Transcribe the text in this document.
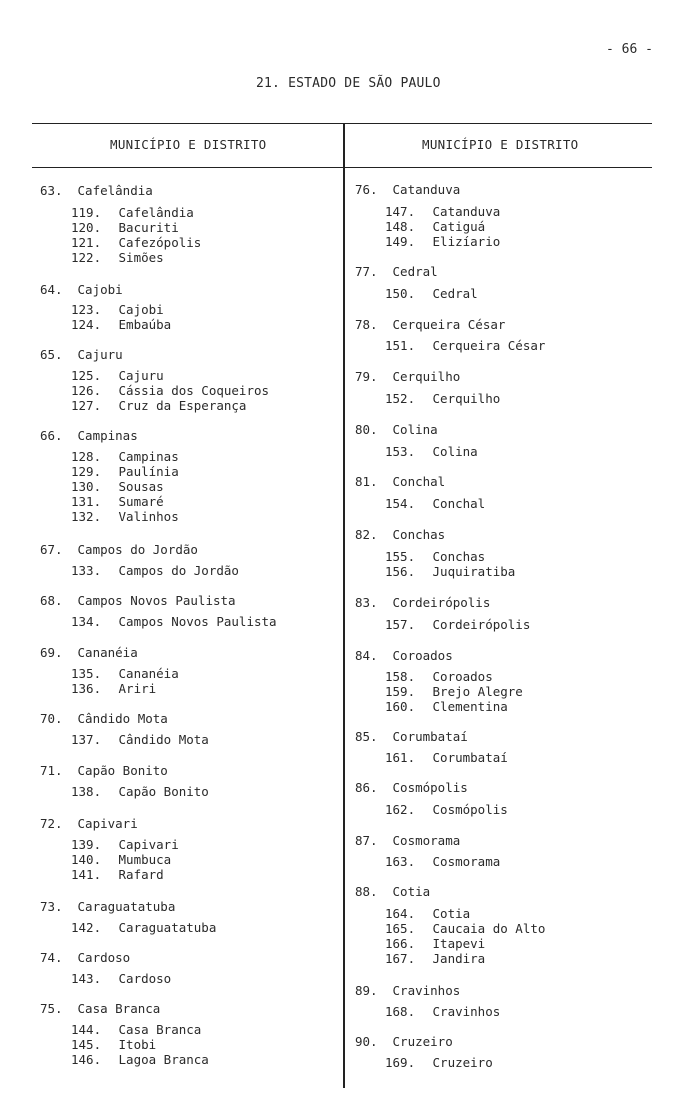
- 66 -
21. ESTADO DE SÃO PAULO
MUNICÍPIO E DISTRITO	MUNICÍPIO E DISTRITO
63. Cafelândia
119. Cafelândia
120. Bacuriti
121. Cafezópolis
122. Simões
64. Cajobi
123. Cajobi
124. Embaúba
65. Cajuru
125. Cajuru
126. Cássia dos Coqueiros
127. Cruz da Esperança
66. Campinas
128. Campinas
129. Paulínia
130. Sousas
131. Sumaré
132. Valinhos
67. Campos do Jordão
133. Campos do Jordão
68. Campos Novos Paulista
134. Campos Novos Paulista
69. Cananéia
135. Cananéia
136. Ariri
70. Cândido Mota
137. Cândido Mota
71. Capão Bonito
138. Capão Bonito
72. Capivari
139. Capivari
140. Mumbuca
141. Rafard
73. Caraguatatuba
142. Caraguatatuba
74. Cardoso
143. Cardoso
75. Casa Branca
144. Casa Branca
145. Itobi
146. Lagoa Branca
76. Catanduva
147. Catanduva
148. Catiguá
149. Elizíario
77. Cedral
150. Cedral
78. Cerqueira César
151. Cerqueira César
79. Cerquilho
152. Cerquilho
80. Colina
153. Colina
81. Conchal
154. Conchal
82. Conchas
155. Conchas
156. Juquiratiba
83. Cordeirópolis
157. Cordeirópolis
84. Coroados
158. Coroados
159. Brejo Alegre
160. Clementina
85. Corumbataí
161. Corumbataí
86. Cosmópolis
162. Cosmópolis
87. Cosmorama
163. Cosmorama
88. Cotia
164. Cotia
165. Caucaia do Alto
166. Itapevi
167. Jandira
89. Cravinhos
168. Cravinhos
90. Cruzeiro
169. Cruzeiro
